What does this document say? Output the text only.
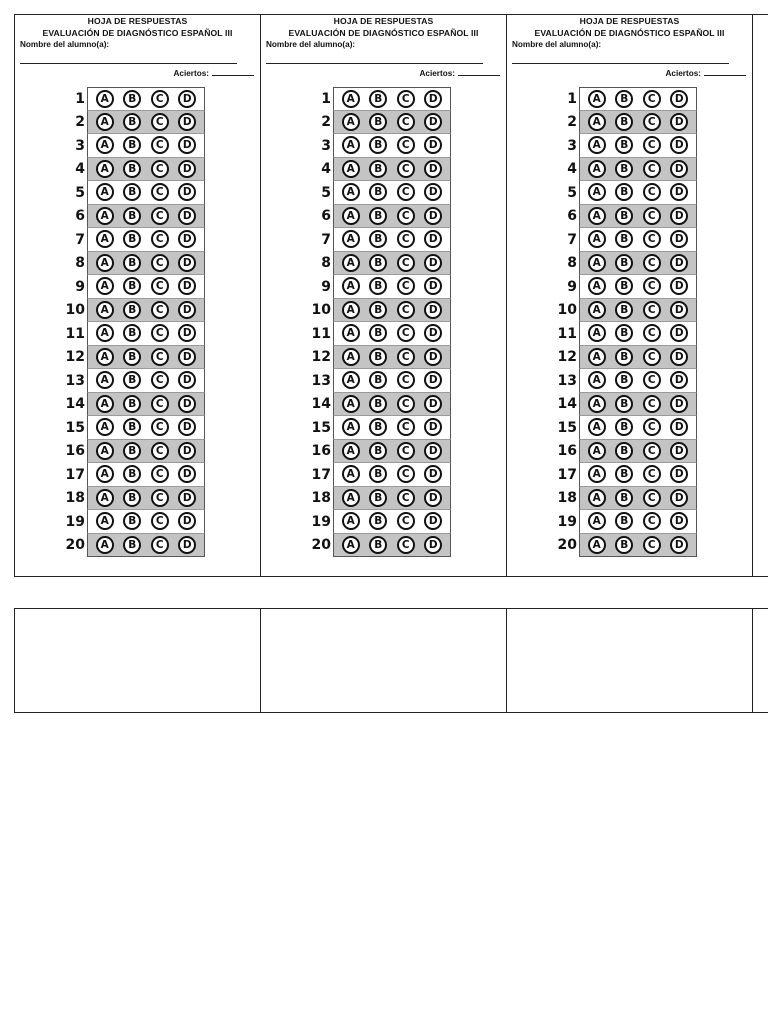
HOJA DE RESPUESTAS
EVALUACIÓN DE DIAGNÓSTICO ESPAÑOL III
Nombre del alumno(a):
Aciertos:
1	A	B	C	D
2	A	B	C	D
3	A	B	C	D
4	A	B	C	D
5	A	B	C	D
6	A	B	C	D
7	A	B	C	D
8	A	B	C	D
9	A	B	C	D
10	A	B	C	D
11	A	B	C	D
12	A	B	C	D
13	A	B	C	D
14	A	B	C	D
15	A	B	C	D
16	A	B	C	D
17	A	B	C	D
18	A	B	C	D
19	A	B	C	D
20	A	B	C	D
HOJA DE RESPUESTAS
EVALUACIÓN DE DIAGNÓSTICO ESPAÑOL III
Nombre del alumno(a):
Aciertos:
1	A	B	C	D
2	A	B	C	D
3	A	B	C	D
4	A	B	C	D
5	A	B	C	D
6	A	B	C	D
7	A	B	C	D
8	A	B	C	D
9	A	B	C	D
10	A	B	C	D
11	A	B	C	D
12	A	B	C	D
13	A	B	C	D
14	A	B	C	D
15	A	B	C	D
16	A	B	C	D
17	A	B	C	D
18	A	B	C	D
19	A	B	C	D
20	A	B	C	D
HOJA DE RESPUESTAS
EVALUACIÓN DE DIAGNÓSTICO ESPAÑOL III
Nombre del alumno(a):
Aciertos:
1	A	B	C	D
2	A	B	C	D
3	A	B	C	D
4	A	B	C	D
5	A	B	C	D
6	A	B	C	D
7	A	B	C	D
8	A	B	C	D
9	A	B	C	D
10	A	B	C	D
11	A	B	C	D
12	A	B	C	D
13	A	B	C	D
14	A	B	C	D
15	A	B	C	D
16	A	B	C	D
17	A	B	C	D
18	A	B	C	D
19	A	B	C	D
20	A	B	C	D
